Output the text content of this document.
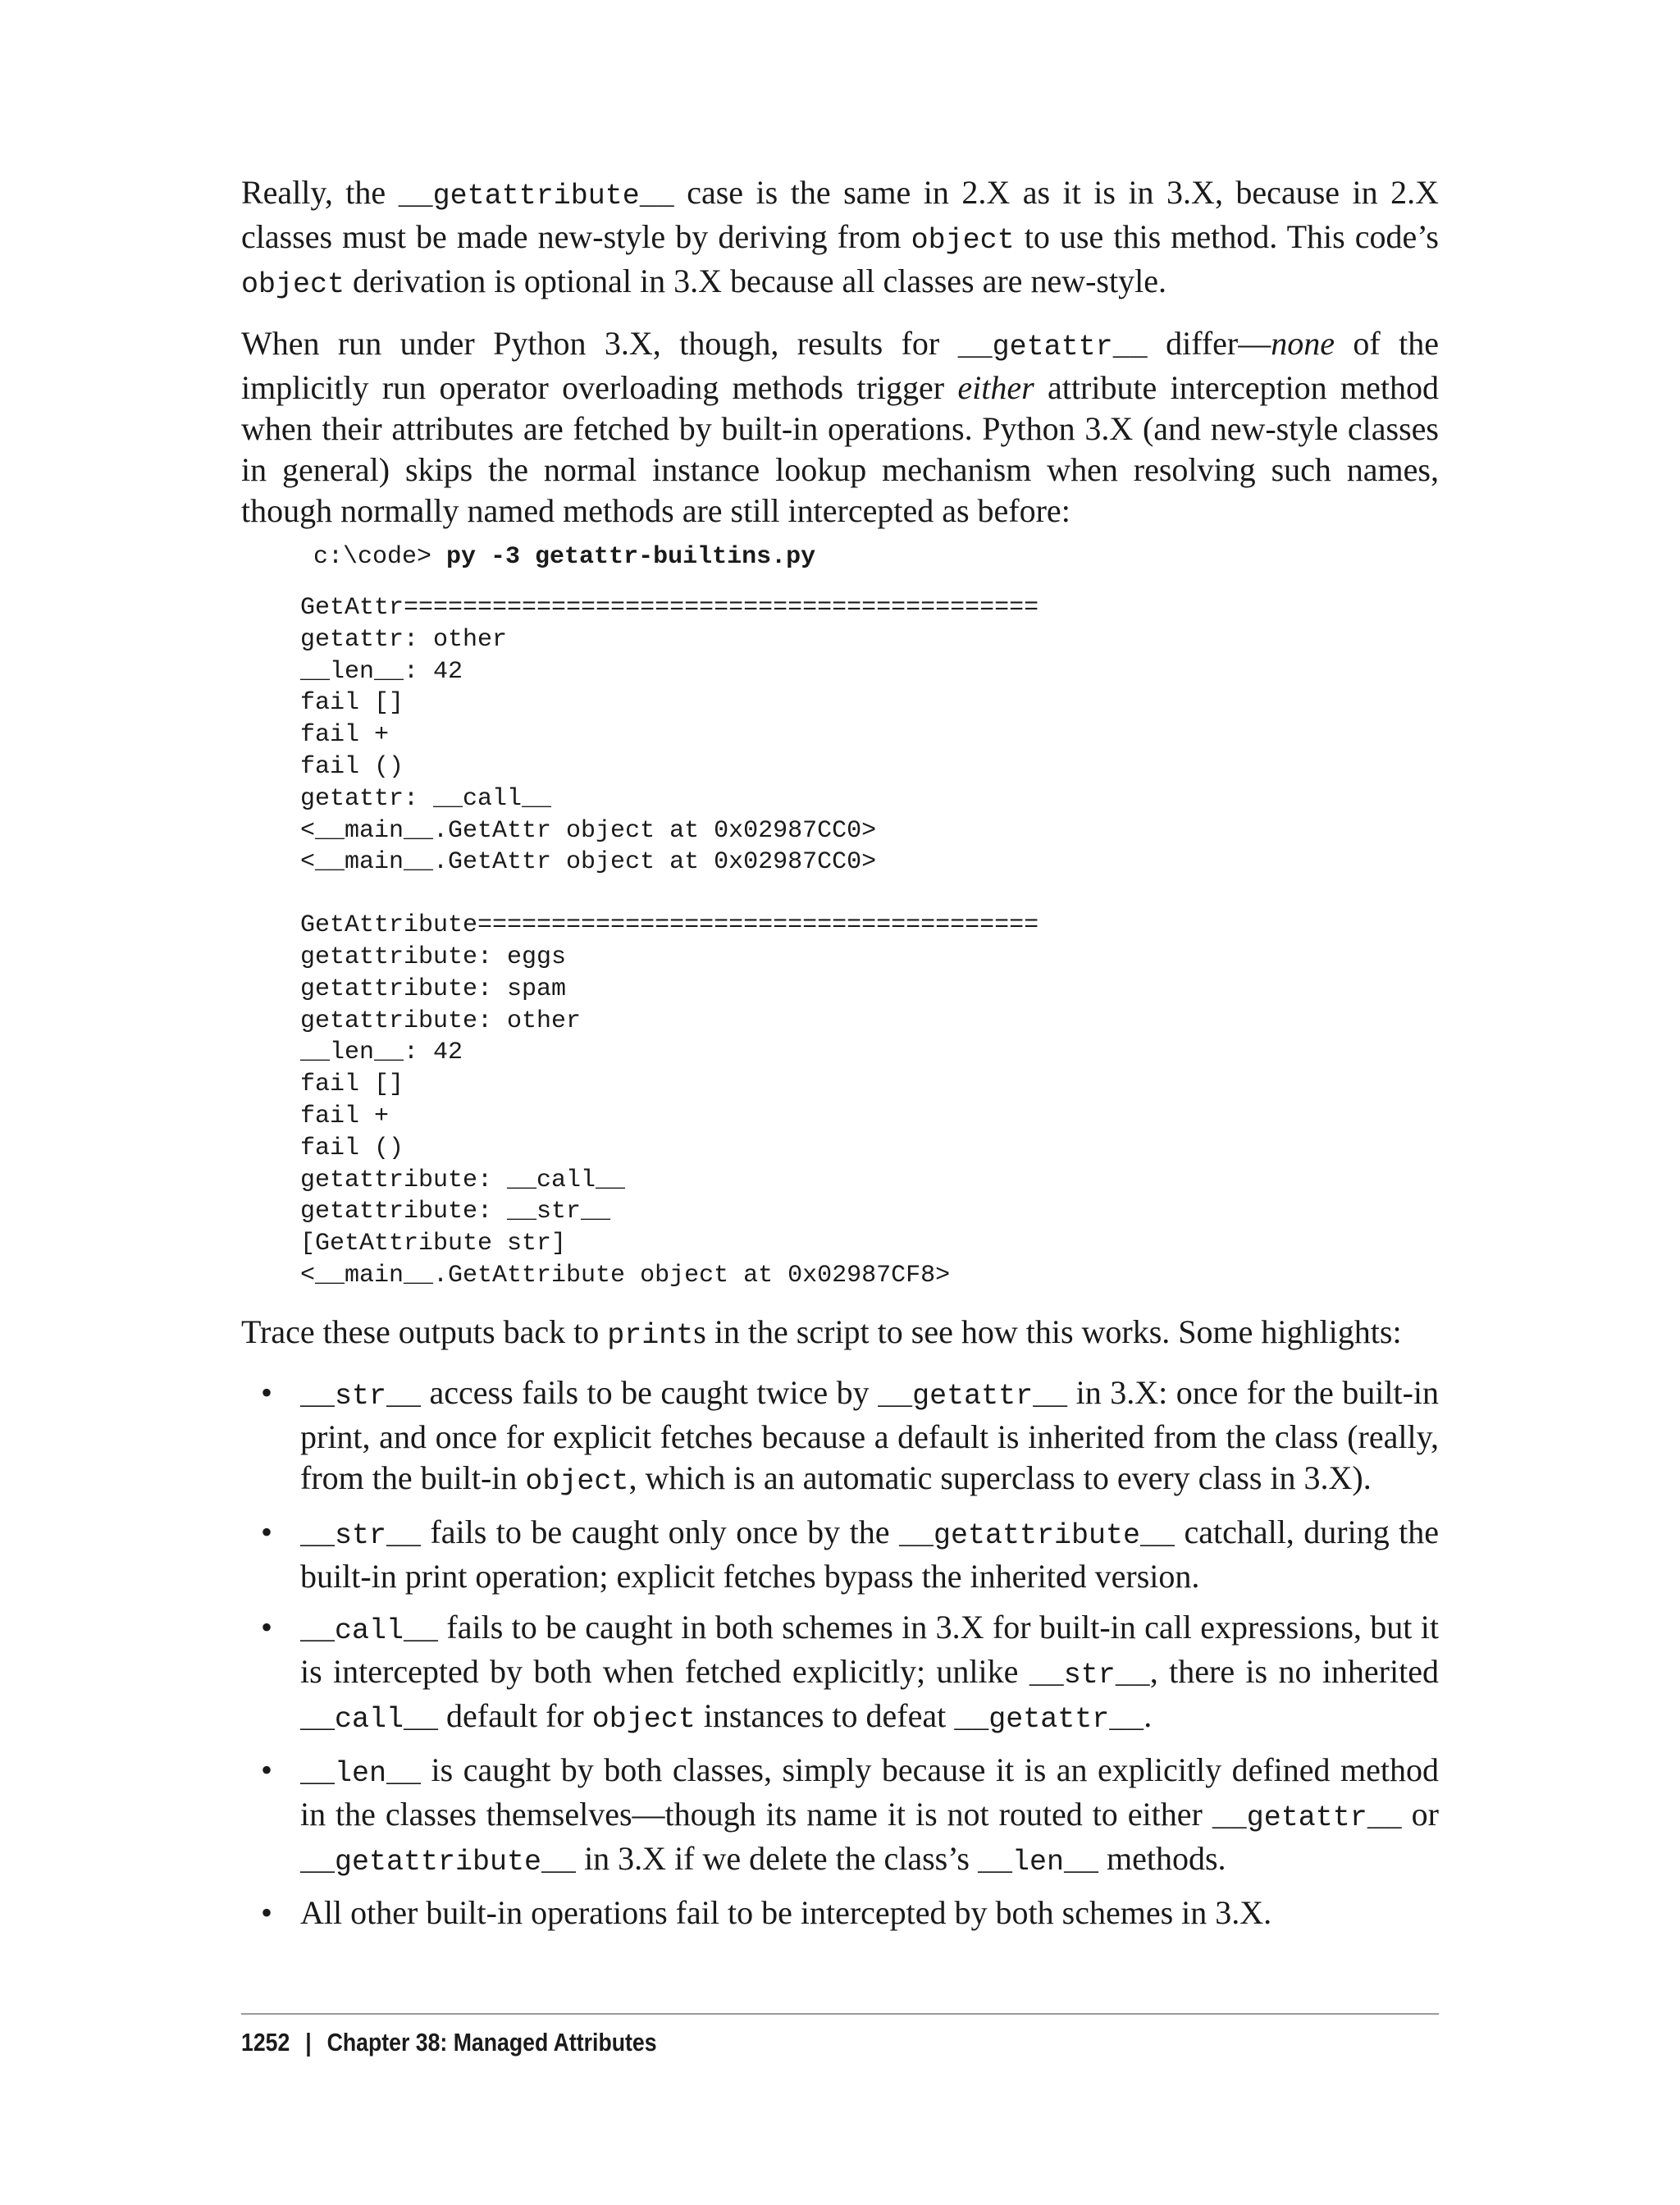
Really, the __getattribute__ case is the same in 2.X as it is in 3.X, because in 2.X classes must be made new-style by deriving from object to use this method. This code’s object derivation is optional in 3.X because all classes are new-style.

When run under Python 3.X, though, results for __getattr__ differ—none of the implicitly run operator overloading methods trigger either attribute interception method when their attributes are fetched by built-in operations. Python 3.X (and new-style classes in general) skips the normal instance lookup mechanism when resolving such names, though normally named methods are still intercepted as before:

c:\code> py -3 getattr-builtins.py
GetAttr===========================================
getattr: other
__len__: 42
fail []
fail +
fail ()
getattr: __call__
<__main__.GetAttr object at 0x02987CC0>
<__main__.GetAttr object at 0x02987CC0>
GetAttribute======================================
getattribute: eggs
getattribute: spam
getattribute: other
__len__: 42
fail []
fail +
fail ()
getattribute: __call__
getattribute: __str__
[GetAttribute str]
<__main__.GetAttribute object at 0x02987CF8>

Trace these outputs back to prints in the script to see how this works. Some highlights:

• __str__ access fails to be caught twice by __getattr__ in 3.X: once for the built-in print, and once for explicit fetches because a default is inherited from the class (really, from the built-in object, which is an automatic superclass to every class in 3.X).
• __str__ fails to be caught only once by the __getattribute__ catchall, during the built-in print operation; explicit fetches bypass the inherited version.
• __call__ fails to be caught in both schemes in 3.X for built-in call expressions, but it is intercepted by both when fetched explicitly; unlike __str__, there is no inherited __call__ default for object instances to defeat __getattr__.
• __len__ is caught by both classes, simply because it is an explicitly defined method in the classes themselves—though its name it is not routed to either __getattr__ or __getattribute__ in 3.X if we delete the class’s __len__ methods.
• All other built-in operations fail to be intercepted by both schemes in 3.X.
1252 | Chapter 38: Managed Attributes
